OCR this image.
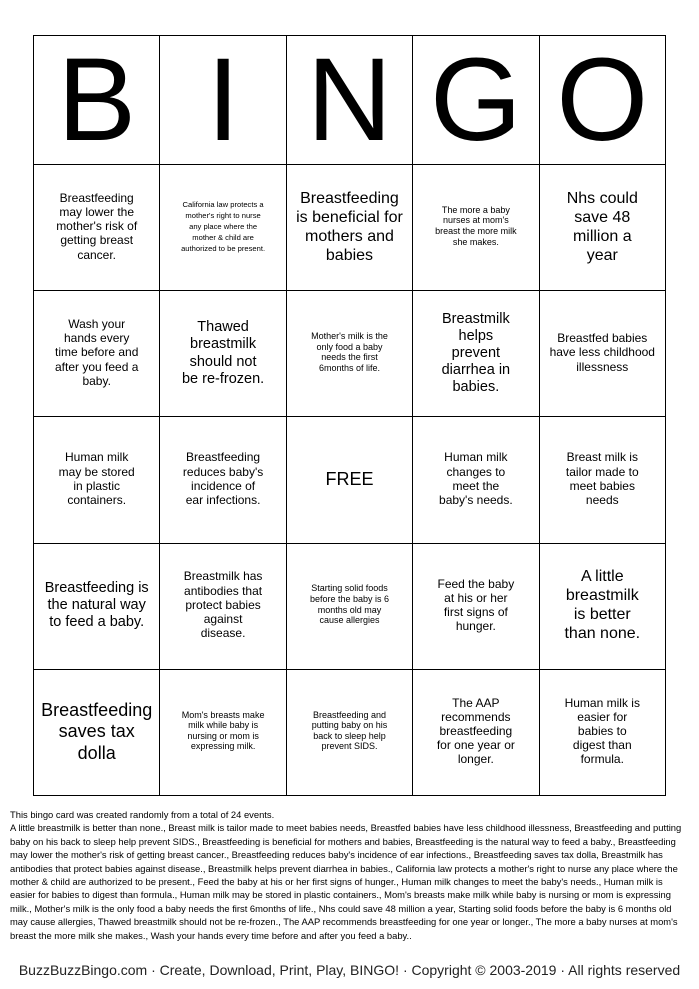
B	I	N	G	O
Breastfeeding may lower the mother's risk of getting breast cancer.	California law protects a mother's right to nurse any place where the mother & child are authorized to be present.	Breastfeeding is beneficial for mothers and babies	The more a baby nurses at mom's breast the more milk she makes.	Nhs could save 48 million a year
Wash your hands every time before and after you feed a baby.	Thawed breastmilk should not be re-frozen.	Mother's milk is the only food a baby needs the first 6months of life.	Breastmilk helps prevent diarrhea in babies.	Breastfed babies have less childhood illessness
Human milk may be stored in plastic containers.	Breastfeeding reduces baby's incidence of ear infections.	FREE	Human milk changes to meet the baby's needs.	Breast milk is tailor made to meet babies needs
Breastfeeding is the natural way to feed a baby.	Breastmilk has antibodies that protect babies against disease.	Starting solid foods before the baby is 6 months old may cause allergies	Feed the baby at his or her first signs of hunger.	A little breastmilk is better than none.
Breastfeeding saves tax dolla	Mom's breasts make milk while baby is nursing or mom is expressing milk.	Breastfeeding and putting baby on his back to sleep help prevent SIDS.	The AAP recommends breastfeeding for one year or longer.	Human milk is easier for babies to digest than formula.

This bingo card was created randomly from a total of 24 events.

A little breastmilk is better than none., Breast milk is tailor made to meet babies needs, Breastfed babies have less childhood illessness, Breastfeeding and putting baby on his back to sleep help prevent SIDS., Breastfeeding is beneficial for mothers and babies, Breastfeeding is the natural way to feed a baby., Breastfeeding may lower the mother's risk of getting breast cancer., Breastfeeding reduces baby's incidence of ear infections., Breastfeeding saves tax dolla, Breastmilk has antibodies that protect babies against disease., Breastmilk helps prevent diarrhea in babies., California law protects a mother's right to nurse any place where the mother & child are authorized to be present., Feed the baby at his or her first signs of hunger., Human milk changes to meet the baby's needs., Human milk is easier for babies to digest than formula., Human milk may be stored in plastic containers., Mom's breasts make milk while baby is nursing or mom is expressing milk., Mother's milk is the only food a baby needs the first 6months of life., Nhs could save 48 million a year, Starting solid foods before the baby is 6 months old may cause allergies, Thawed breastmilk should not be re-frozen., The AAP recommends breastfeeding for one year or longer., The more a baby nurses at mom's breast the more milk she makes., Wash your hands every time before and after you feed a baby..

BuzzBuzzBingo.com · Create, Download, Print, Play, BINGO! · Copyright © 2003-2019 · All rights reserved
